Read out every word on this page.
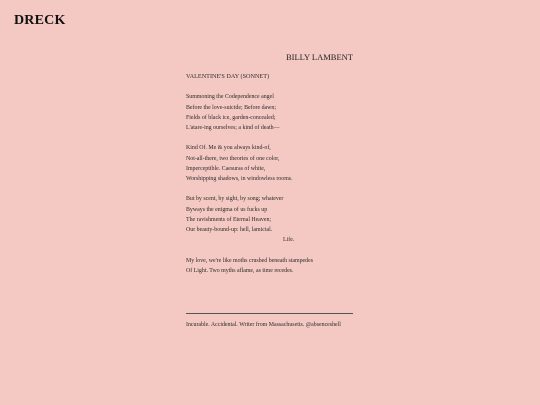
DRECK
BILLY LAMBENT
VALENTINE'S DAY (SONNET)
Summoning the Codependence angel
Before the love-suicide; Before dawn;
Fields of black ice, garden-concealed;
L'atare-ing ourselves; a kind of death—
Kind Of. Me & you always kind-of,
Not-all-there, two theories of one color,
Imperceptible. Caesuras of white,
Worshipping shadows, in windowless rooms.
But by scent, by sight, by song; whatever
Byways the enigma of us fucks up
The ravishments of Eternal Heaven;
Our beauty-bound-up: hell, lamictal.
Life.
My love, we're like moths crushed beneath stampedes
Of Light. Two myths aflame, as time recedes.
Incurable. Accidental. Writer from Massachusetts. @absenceshell
